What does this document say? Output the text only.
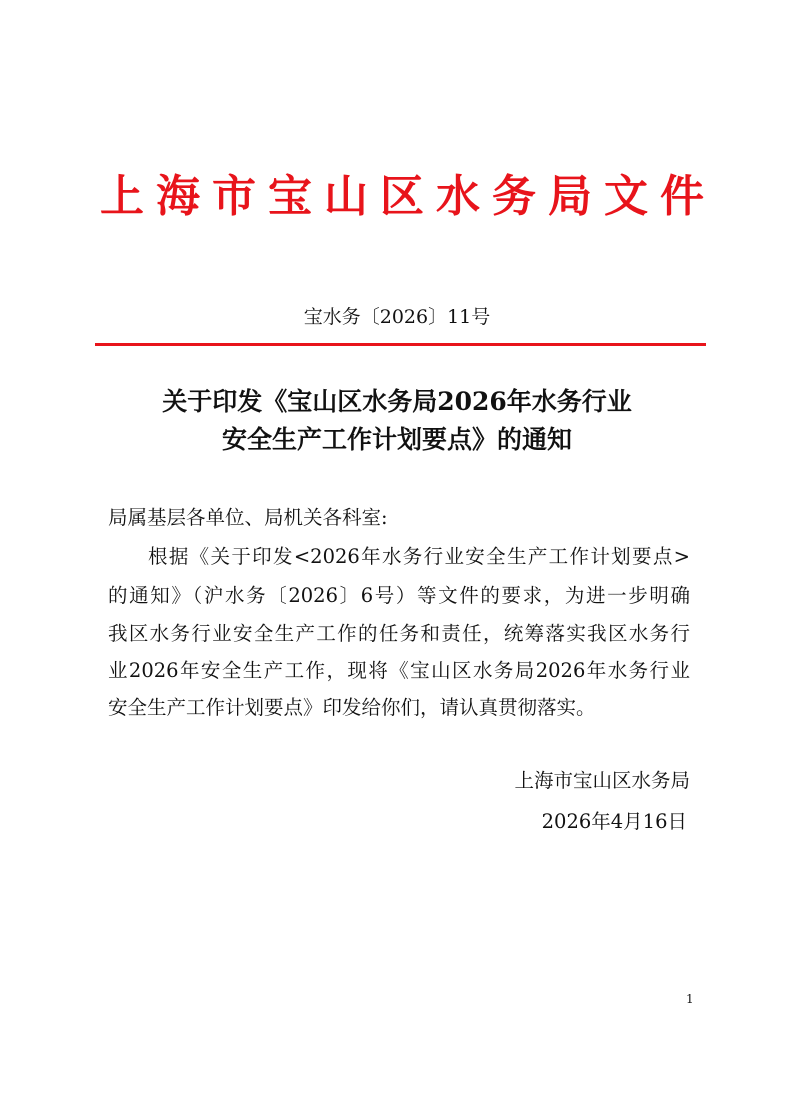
上海市宝山区水务局文件
宝水务〔2026〕11号
关于印发《宝山区水务局2026年水务行业
安全生产工作计划要点》的通知
局属基层各单位、局机关各科室:
根据《关于印发<2026年水务行业安全生产工作计划要点>
的通知》（沪水务〔2026〕6号）等文件的要求，为进一步明确
我区水务行业安全生产工作的任务和责任，统筹落实我区水务行
业2026年安全生产工作，现将《宝山区水务局2026年水务行业
安全生产工作计划要点》印发给你们，请认真贯彻落实。
上海市宝山区水务局
2026年4月16日
1
